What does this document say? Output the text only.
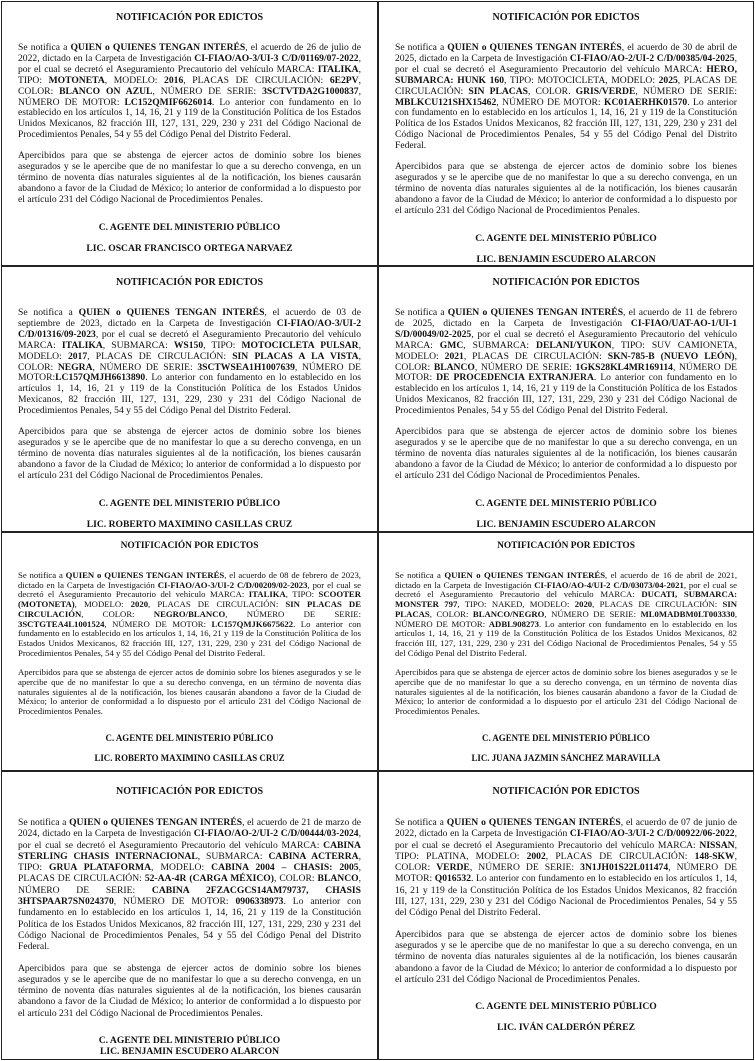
NOTIFICACIÓN POR EDICTOS

Se notifica a QUIEN o QUIENES TENGAN INTERÉS, el acuerdo de 26 de julio de 2022, dictado en la Carpeta de Investigación CI-FIAO/AO-3/UI-3 C/D/01169/07-2022, por el cual se decretó el Aseguramiento Precautorio del vehículo MARCA: ITALIKA, TIPO: MOTONETA, MODELO: 2016, PLACAS DE CIRCULACIÓN: 6E2PV, COLOR: BLANCO ON AZUL, NÚMERO DE SERIE: 3SCTVTDA2G1000837, NÚMERO DE MOTOR: LC152QMIF6626014. Lo anterior con fundamento en lo establecido en los artículos 1, 14, 16, 21 y 119 de la Constitución Política de los Estados Unidos Mexicanos, 82 fracción III, 127, 131, 229, 230 y 231 del Código Nacional de Procedimientos Penales, 54 y 55 del Código Penal del Distrito Federal.

Apercibidos para que se abstenga de ejercer actos de dominio sobre los bienes asegurados y se le apercibe que de no manifestar lo que a su derecho convenga, en un término de noventa días naturales siguientes al de la notificación, los bienes causarán abandono a favor de la Ciudad de México; lo anterior de conformidad a lo dispuesto por el artículo 231 del Código Nacional de Procedimientos Penales.

C. AGENTE DEL MINISTERIO PÚBLICO
LIC. OSCAR FRANCISCO ORTEGA NARVAEZ
NOTIFICACIÓN POR EDICTOS

Se notifica a QUIEN o QUIENES TENGAN INTERÉS, el acuerdo de 30 de abril de 2025, dictado en la Carpeta de Investigación CI-FIAO/AO-2/UI-2 C/D/00385/04-2025, por el cual se decretó el Aseguramiento Precautorio del vehículo MARCA: HERO, SUBMARCA: HUNK 160, TIPO: MOTOCICLETA, MODELO: 2025, PLACAS DE CIRCULACIÓN: SIN PLACAS, COLOR. GRIS/VERDE, NÚMERO DE SERIE: MBLKCU121SHX15462, NÚMERO DE MOTOR: KC01AERHK01570. Lo anterior con fundamento en lo establecido en los artículos 1, 14, 16, 21 y 119 de la Constitución Política de los Estados Unidos Mexicanos, 82 fracción III, 127, 131, 229, 230 y 231 del Código Nacional de Procedimientos Penales, 54 y 55 del Código Penal del Distrito Federal.

Apercibidos para que se abstenga de ejercer actos de dominio sobre los bienes asegurados y se le apercibe que de no manifestar lo que a su derecho convenga, en un término de noventa días naturales siguientes al de la notificación, los bienes causarán abandono a favor de la Ciudad de México; lo anterior de conformidad a lo dispuesto por el artículo 231 del Código Nacional de Procedimientos Penales.

C. AGENTE DEL MINISTERIO PÚBLICO
LIC. BENJAMIN ESCUDERO ALARCON
NOTIFICACIÓN POR EDICTOS

Se notifica a QUIEN o QUIENES TENGAN INTERÉS, el acuerdo de 03 de septiembre de 2023, dictado en la Carpeta de Investigación CI-FIAO/AO-3/UI-2 C/D/01316/09-2023, por el cual se decretó el Aseguramiento Precautorio del vehículo MARCA: ITALIKA, SUBMARCA: WS150, TIPO: MOTOCICLETA PULSAR, MODELO: 2017, PLACAS DE CIRCULACIÓN: SIN PLACAS A LA VISTA, COLOR: NEGRA, NÚMERO DE SERIE: 3SCTWSEA1H1007639, NÚMERO DE MOTOR:LC157QMJH6613890. Lo anterior con fundamento en lo establecido en los artículos 1, 14, 16, 21 y 119 de la Constitución Política de los Estados Unidos Mexicanos, 82 fracción III, 127, 131, 229, 230 y 231 del Código Nacional de Procedimientos Penales, 54 y 55 del Código Penal del Distrito Federal.

Apercibidos para que se abstenga de ejercer actos de dominio sobre los bienes asegurados y se le apercibe que de no manifestar lo que a su derecho convenga, en un término de noventa días naturales siguientes al de la notificación, los bienes causarán abandono a favor de la Ciudad de México; lo anterior de conformidad a lo dispuesto por el artículo 231 del Código Nacional de Procedimientos Penales.

C. AGENTE DEL MINISTERIO PÚBLICO
LIC. ROBERTO MAXIMINO CASILLAS CRUZ
NOTIFICACIÓN POR EDICTOS

Se notifica a QUIEN o QUIENES TENGAN INTERÉS, el acuerdo de 11 de febrero de 2025, dictado en la Carpeta de Investigación CI-FIAO/UAT-AO-1/UI-1 S/D/00049/02-2025, por el cual se decretó el Aseguramiento Precautorio del vehículo MARCA: GMC, SUBMARCA: DELANI/YUKON, TIPO: SUV CAMIONETA, MODELO: 2021, PLACAS DE CIRCULACIÓN: SKN-785-B (NUEVO LEÓN), COLOR: BLANCO, NÚMERO DE SERIE: 1GKS28KL4MR169114, NÚMERO DE MOTOR: DE PROCEDENCIA EXTRANJERA. Lo anterior con fundamento en lo establecido en los artículos 1, 14, 16, 21 y 119 de la Constitución Política de los Estados Unidos Mexicanos, 82 fracción III, 127, 131, 229, 230 y 231 del Código Nacional de Procedimientos Penales, 54 y 55 del Código Penal del Distrito Federal.

Apercibidos para que se abstenga de ejercer actos de dominio sobre los bienes asegurados y se le apercibe que de no manifestar lo que a su derecho convenga, en un término de noventa días naturales siguientes al de la notificación, los bienes causarán abandono a favor de la Ciudad de México; lo anterior de conformidad a lo dispuesto por el artículo 231 del Código Nacional de Procedimientos Penales.

C. AGENTE DEL MINISTERIO PÚBLICO
LIC. BENJAMIN ESCUDERO ALARCON
NOTIFICACIÓN POR EDICTOS

Se notifica a QUIEN o QUIENES TENGAN INTERÉS, el acuerdo de 08 de febrero de 2023, dictado en la Carpeta de Investigación CI-FIAO/AO-3/UI-2 C/D/00209/02-2023, por el cual se decretó el Aseguramiento Precautorio del vehículo MARCA: ITALIKA, TIPO: SCOOTER (MOTONETA), MODELO: 2020, PLACAS DE CIRCULACIÓN: SIN PLACAS DE CIRCULACIÓN, COLOR: NEGRO/BLANCO, NÚMERO DE SERIE: 3SCTGTEA4L1001524, NÚMERO DE MOTOR: LC157QMJK6675622. Lo anterior con fundamento en lo establecido en los artículos 1, 14, 16, 21 y 119 de la Constitución Política de los Estados Unidos Mexicanos, 82 fracción III, 127, 131, 229, 230 y 231 del Código Nacional de Procedimientos Penales, 54 y 55 del Código Penal del Distrito Federal.

Apercibidos para que se abstenga de ejercer actos de dominio sobre los bienes asegurados y se le apercibe que de no manifestar lo que a su derecho convenga, en un término de noventa días naturales siguientes al de la notificación, los bienes causarán abandono a favor de la Ciudad de México; lo anterior de conformidad a lo dispuesto por el artículo 231 del Código Nacional de Procedimientos Penales.

C. AGENTE DEL MINISTERIO PÚBLICO
LIC. ROBERTO MAXIMINO CASILLAS CRUZ
NOTIFICACIÓN POR EDICTOS

Se notifica a QUIEN o QUIENES TENGAN INTERÉS, el acuerdo de 16 de abril de 2021, dictado en la Carpeta de Investigación CI-FIAO/AO-4/UI-2 C/D/03073/04-2021, por el cual se decretó el Aseguramiento Precautorio del vehículo MARCA: DUCATI, SUBMARCA: MONSTER 797, TIPO: NAKED, MODELO: 2020, PLACAS DE CIRCULACIÓN: SIN PLACAS, COLOR: BLANCO/NEGRO, NÚMERO DE SERIE: ML0MADBM0LT003330, NÚMERO DE MOTOR: ADBL908273. Lo anterior con fundamento en lo establecido en los artículos 1, 14, 16, 21 y 119 de la Constitución Política de los Estados Unidos Mexicanos, 82 fracción III, 127, 131, 229, 230 y 231 del Código Nacional de Procedimientos Penales, 54 y 55 del Código Penal del Distrito Federal.

Apercibidos para que se abstenga de ejercer actos de dominio sobre los bienes asegurados y se le apercibe que de no manifestar lo que a su derecho convenga, en un término de noventa días naturales siguientes al de la notificación, los bienes causarán abandono a favor de la Ciudad de México; lo anterior de conformidad a lo dispuesto por el artículo 231 del Código Nacional de Procedimientos Penales.

C. AGENTE DEL MINISTERIO PÚBLICO
LIC. JUANA JAZMIN SÁNCHEZ MARAVILLA
NOTIFICACIÓN POR EDICTOS

Se notifica a QUIEN o QUIENES TENGAN INTERÉS, el acuerdo de 21 de marzo de 2024, dictado en la Carpeta de Investigación CI-FIAO/AO-2/UI-2 C/D/00444/03-2024, por el cual se decretó el Aseguramiento Precautorio del vehículo MARCA: CABINA STERLING CHASIS INTERNACIONAL, SUBMARCA: CABINA ACTERRA, TIPO: GRUA PLATAFORMA, MODELO: CABINA 2004 – CHASIS: 2005, PLACAS DE CIRCULACIÓN: 52-AA-4R (CARGA MÉXICO), COLOR: BLANCO, NÚMERO DE SERIE: CABINA 2FZACGCS14AM79737, CHASIS 3HTSPAAR7SN024370, NÚMERO DE MOTOR: 0906338973. Lo anterior con fundamento en lo establecido en los artículos 1, 14, 16, 21 y 119 de la Constitución Política de los Estados Unidos Mexicanos, 82 fracción III, 127, 131, 229, 230 y 231 del Código Nacional de Procedimientos Penales, 54 y 55 del Código Penal del Distrito Federal.

Apercibidos para que se abstenga de ejercer actos de dominio sobre los bienes asegurados y se le apercibe que de no manifestar lo que a su derecho convenga, en un término de noventa días naturales siguientes al de la notificación, los bienes causarán abandono a favor de la Ciudad de México; lo anterior de conformidad a lo dispuesto por el artículo 231 del Código Nacional de Procedimientos Penales.

C. AGENTE DEL MINISTERIO PÚBLICO
LIC. BENJAMIN ESCUDERO ALARCON
NOTIFICACIÓN POR EDICTOS

Se notifica a QUIEN o QUIENES TENGAN INTERÉS, el acuerdo de 07 de junio de 2022, dictado en la Carpeta de Investigación CI-FIAO/AO-3/UI-2 C/D/00922/06-2022, por el cual se decretó el Aseguramiento Precautorio del vehículo MARCA: NISSAN, TIPO: PLATINA, MODELO: 2002, PLACAS DE CIRCULACIÓN: 148-SKW, COLOR: VERDE, NÚMERO DE SERIE: 3N1JH01S22L011474, NÚMERO DE MOTOR: Q016532. Lo anterior con fundamento en lo establecido en los artículos 1, 14, 16, 21 y 119 de la Constitución Política de los Estados Unidos Mexicanos, 82 fracción III, 127, 131, 229, 230 y 231 del Código Nacional de Procedimientos Penales, 54 y 55 del Código Penal del Distrito Federal.

Apercibidos para que se abstenga de ejercer actos de dominio sobre los bienes asegurados y se le apercibe que de no manifestar lo que a su derecho convenga, en un término de noventa días naturales siguientes al de la notificación, los bienes causarán abandono a favor de la Ciudad de México; lo anterior de conformidad a lo dispuesto por el artículo 231 del Código Nacional de Procedimientos Penales.

C. AGENTE DEL MINISTERIO PÚBLICO
LIC. IVÁN CALDERÓN PÉREZ
